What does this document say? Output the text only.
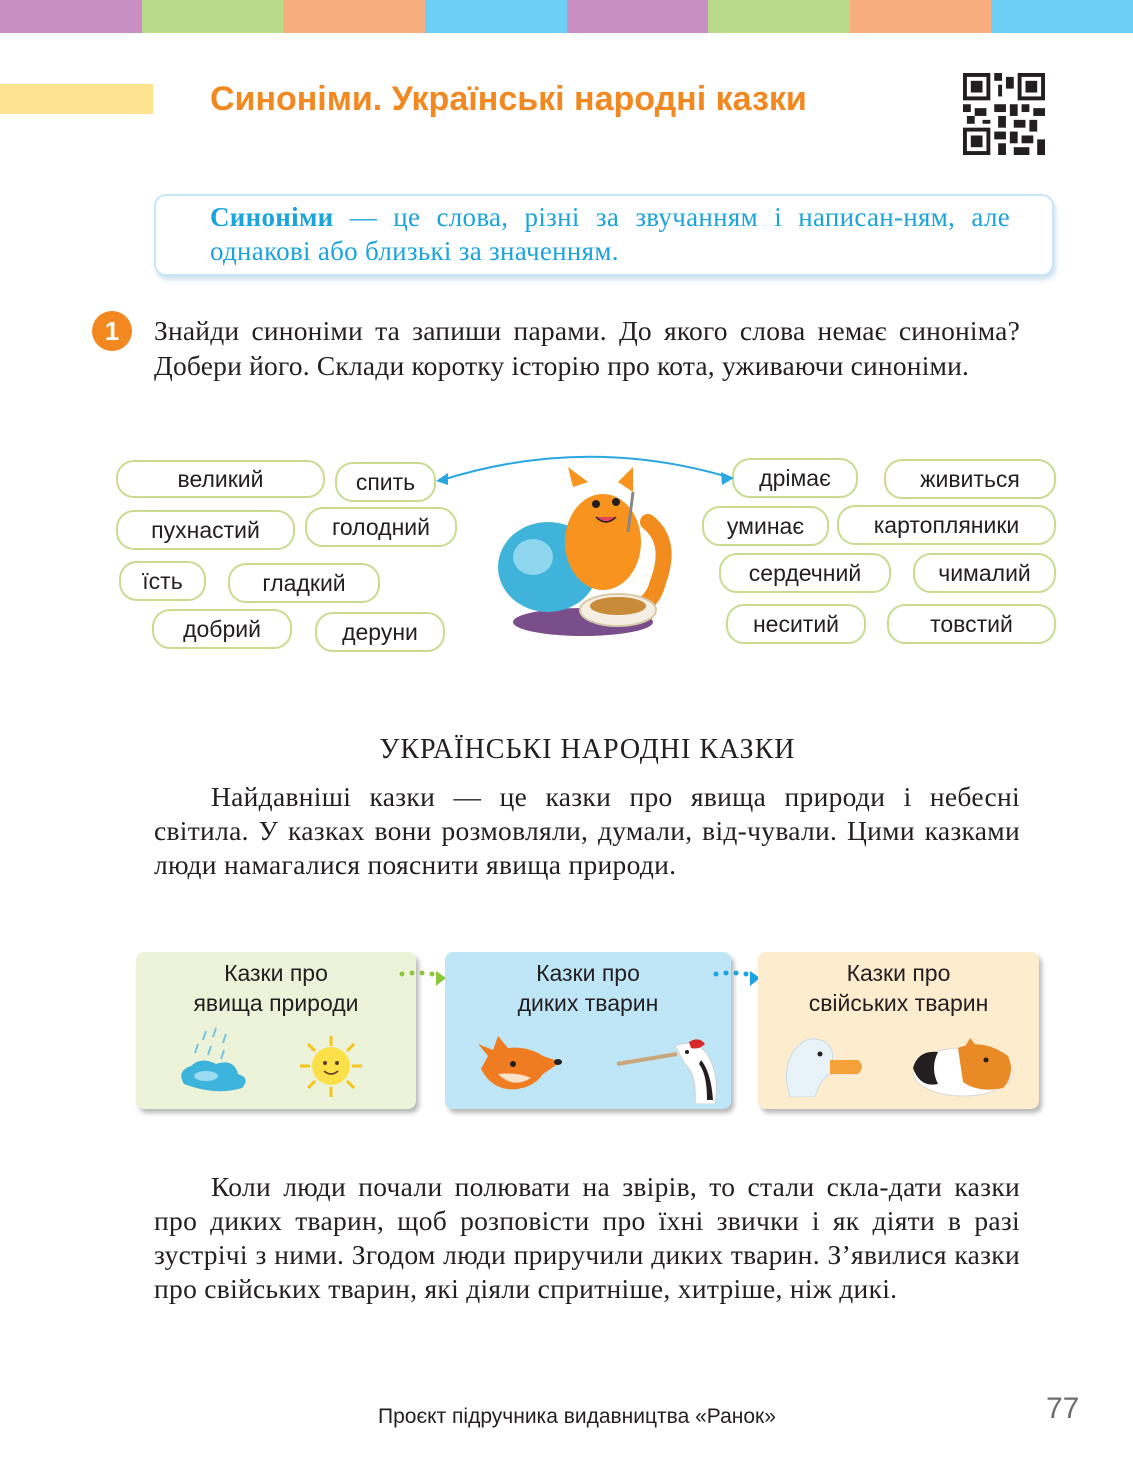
Синоніми. Українські народні казки
Синоніми — це слова, різні за звучанням і написан-ням, але однакові або близькі за значенням.
1	Знайди синоніми та запиши парами. До якого слова немає синоніма? Добери його. Склади коротку історію про кота, уживаючи синоніми.
великий	спить
пухнастий	голодний
їсть	гладкий
добрий	деруни
дрімає	живиться
уминає	картопляники
сердечний	чималий
неситий	товстий
УКРАЇНСЬКІ НАРОДНІ КАЗКИ
Найдавніші казки — це казки про явища природи і небесні світила. У казках вони розмовляли, думали, від-чували. Цими казками люди намагалися пояснити явища природи.
Казки про
явища природи
Казки про
диких тварин
Казки про
свійських тварин
Коли люди почали полювати на звірів, то стали скла-дати казки про диких тварин, щоб розповісти про їхні звички і як діяти в разі зустрічі з ними. Згодом люди приручили диких тварин. З’явилися казки про свійських тварин, які діяли спритніше, хитріше, ніж дикі.
Проєкт підручника видавництва «Ранок»	77
